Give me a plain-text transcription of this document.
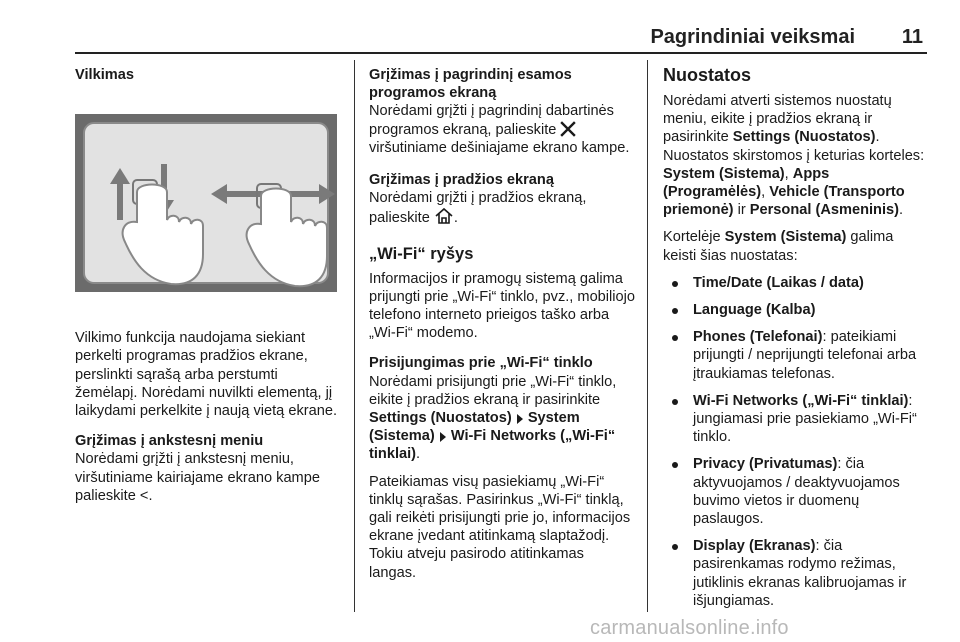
Pagrindiniai veiksmai 11
Vilkimas

Vilkimo funkcija naudojama siekiant perkelti programas pradžios ekrane, perslinkti sąrašą arba perstumti žemėlapį. Norėdami nuvilkti elementą, jį laikydami perkelkite į naują vietą ekrane.

Grįžimas į ankstesnį meniu

Norėdami grįžti į ankstesnį meniu, viršutiniame kairiajame ekrano kampe palieskite <.

Grįžimas į pagrindinį esamos programos ekraną

Norėdami grįžti į pagrindinį dabartinės programos ekraną, palieskite  viršutiniame dešiniajame ekrano kampe.

Grįžimas į pradžios ekraną

Norėdami grįžti į pradžios ekraną, palieskite .

„Wi-Fi“ ryšys

Informacijos ir pramogų sistemą galima prijungti prie „Wi-Fi“ tinklo, pvz., mobiliojo telefono interneto prieigos taško arba „Wi-Fi“ modemo.

Prisijungimas prie „Wi-Fi“ tinklo

Norėdami prisijungti prie „Wi-Fi“ tinklo, eikite į pradžios ekraną ir pasirinkite Settings (Nuostatos) System (Sistema) Wi-Fi Networks („Wi-Fi“ tinklai).

Pateikiamas visų pasiekiamų „Wi-Fi“ tinklų sąrašas. Pasirinkus „Wi-Fi“ tinklą, gali reikėti prisijungti prie jo, informacijos ekrane įvedant atitinkamą slaptažodį. Tokiu atveju pasirodo atitinkamas langas.

Nuostatos

Norėdami atverti sistemos nuostatų meniu, eikite į pradžios ekraną ir pasirinkite Settings (Nuostatos). Nuostatos skirstomos į keturias korteles: System (Sistema), Apps (Programėlės), Vehicle (Transporto priemonė) ir Personal (Asmeninis).

Kortelėje System (Sistema) galima keisti šias nuostatas:

Time/Date (Laikas / data)
Language (Kalba)
Phones (Telefonai): pateikiami prijungti / neprijungti telefonai arba įtraukiamas telefonas.
Wi-Fi Networks („Wi-Fi“ tinklai): jungiamasi prie pasiekiamo „Wi-Fi“ tinklo.
Privacy (Privatumas): čia aktyvuojamos / deaktyvuojamos buvimo vietos ir duomenų paslaugos.
Display (Ekranas): čia pasirenkamas rodymo režimas, jutiklinis ekranas kalibruojamas ir išjungiamas.
carmanualsonline.info
